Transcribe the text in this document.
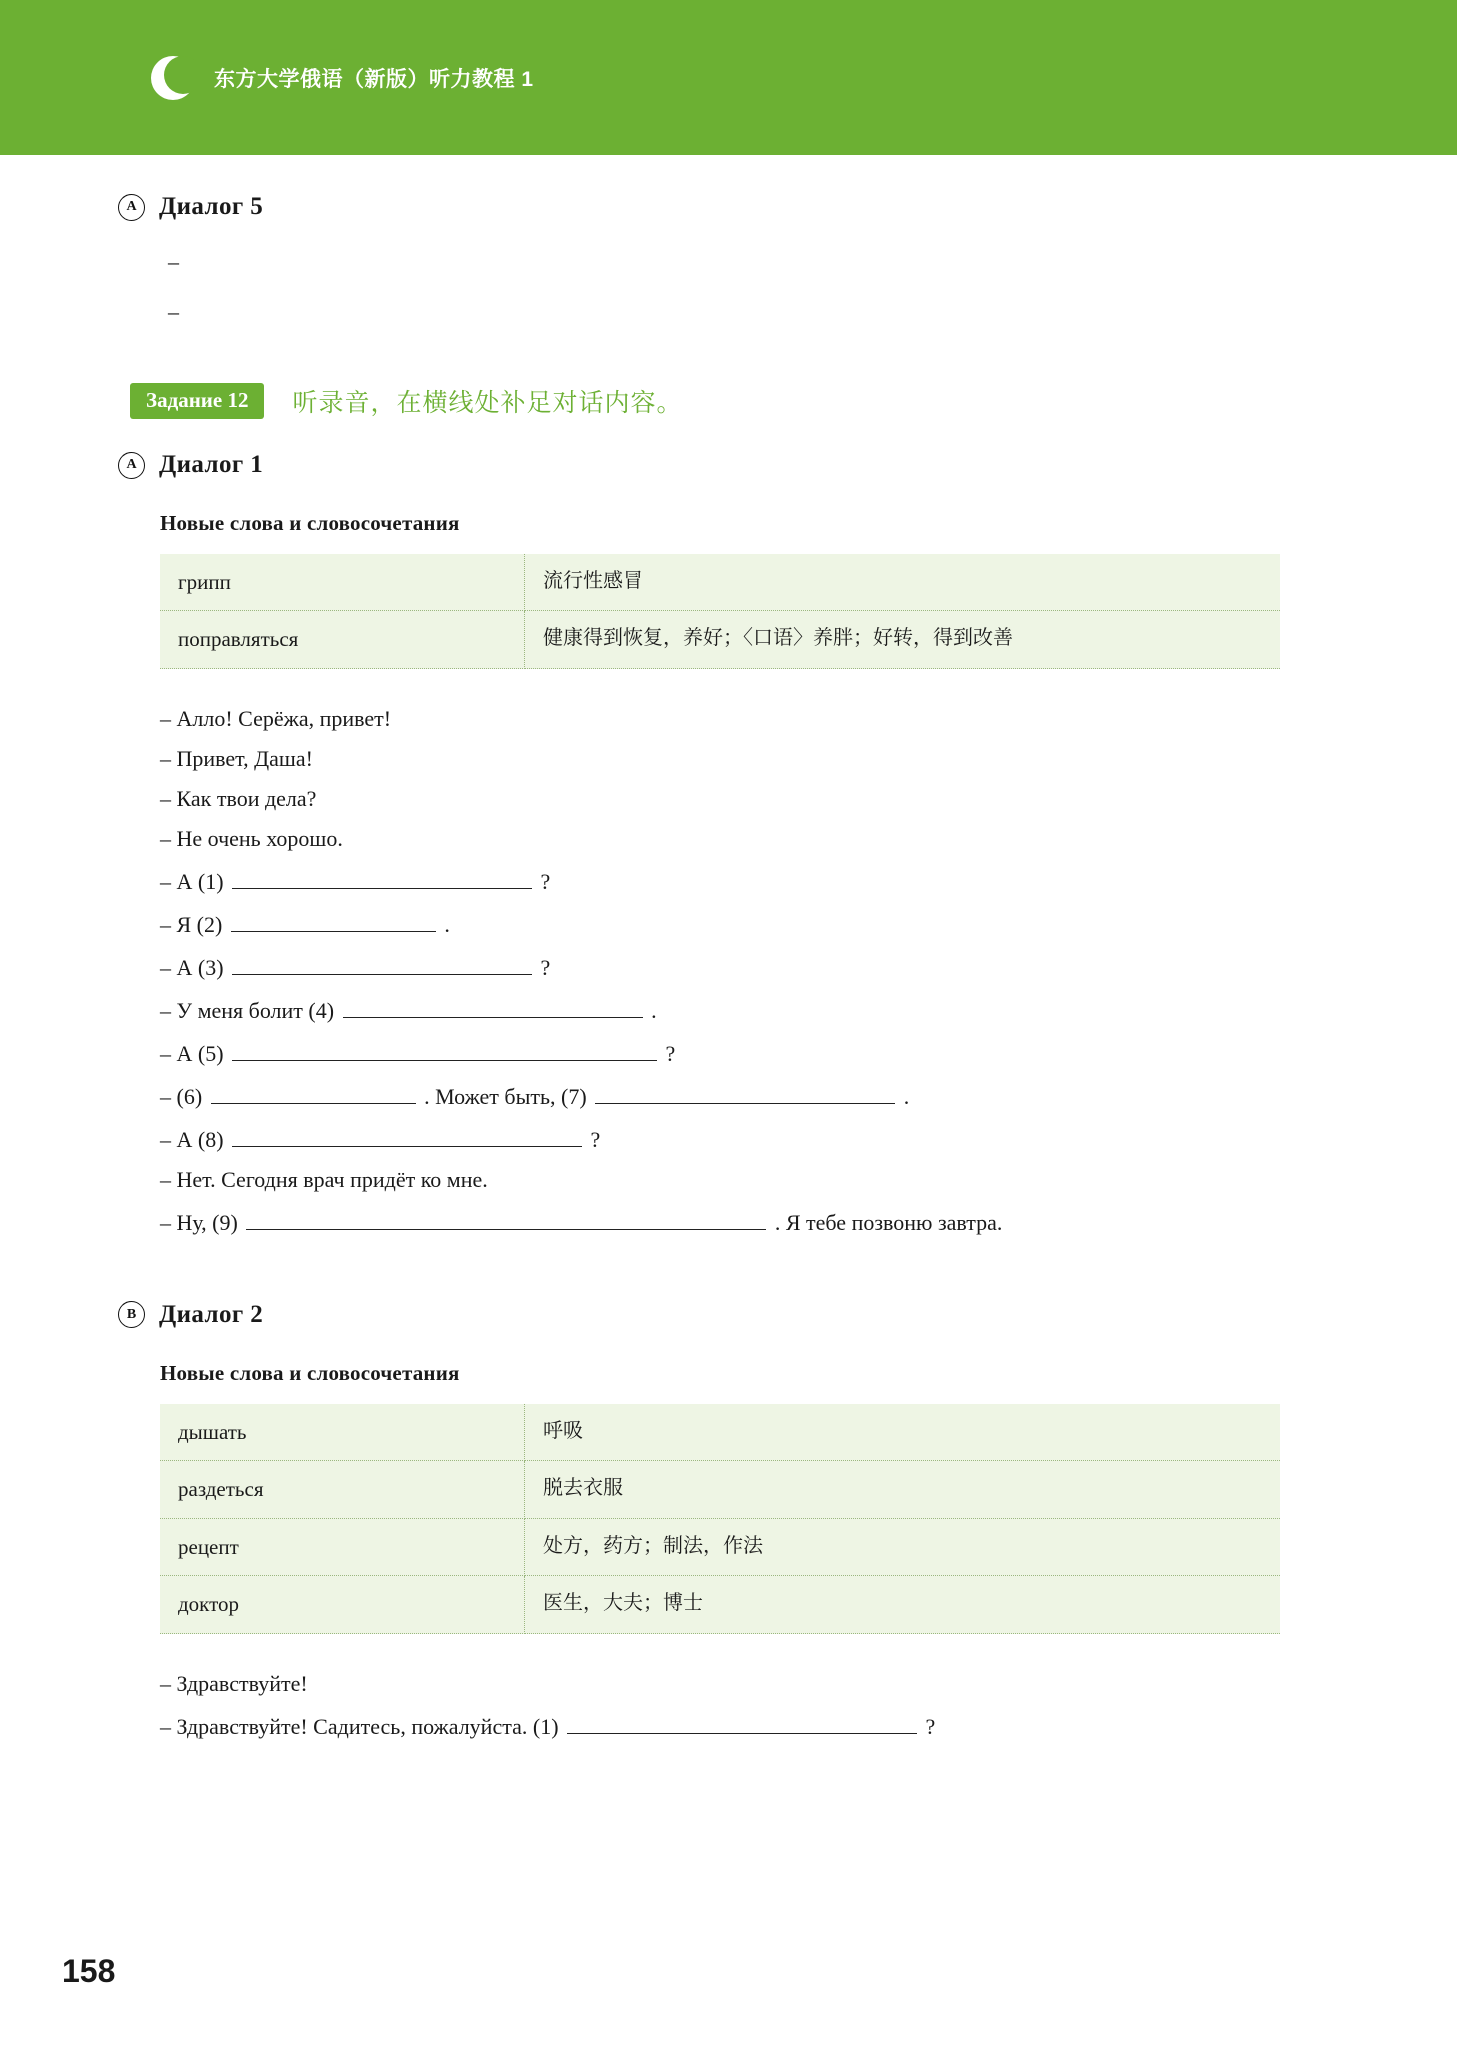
东方大学俄语（新版）听力教程 1
A Диалог 5
–
–
Задание 12	听录音，在横线处补足对话内容。
A Диалог 1
Новые слова и словосочетания
грипп	流行性感冒
поправляться	健康得到恢复，养好；〈口语〉养胖；好转，得到改善
– Алло! Серёжа, привет!
– Привет, Даша!
– Как твои дела?
– Не очень хорошо.
– А (1)	?
– Я (2)	.
– А (3)	?
– У меня болит (4)	.
– А (5)	?
– (6)	. Может быть, (7)	.
– А (8)	?
– Нет. Сегодня врач придёт ко мне.
– Ну, (9)	. Я тебе позвоню завтра.
B Диалог 2
Новые слова и словосочетания
дышать	呼吸
раздеться	脱去衣服
рецепт	处方，药方；制法，作法
доктор	医生，大夫；博士
– Здравствуйте!
– Здравствуйте! Садитесь, пожалуйста. (1)	?
158
